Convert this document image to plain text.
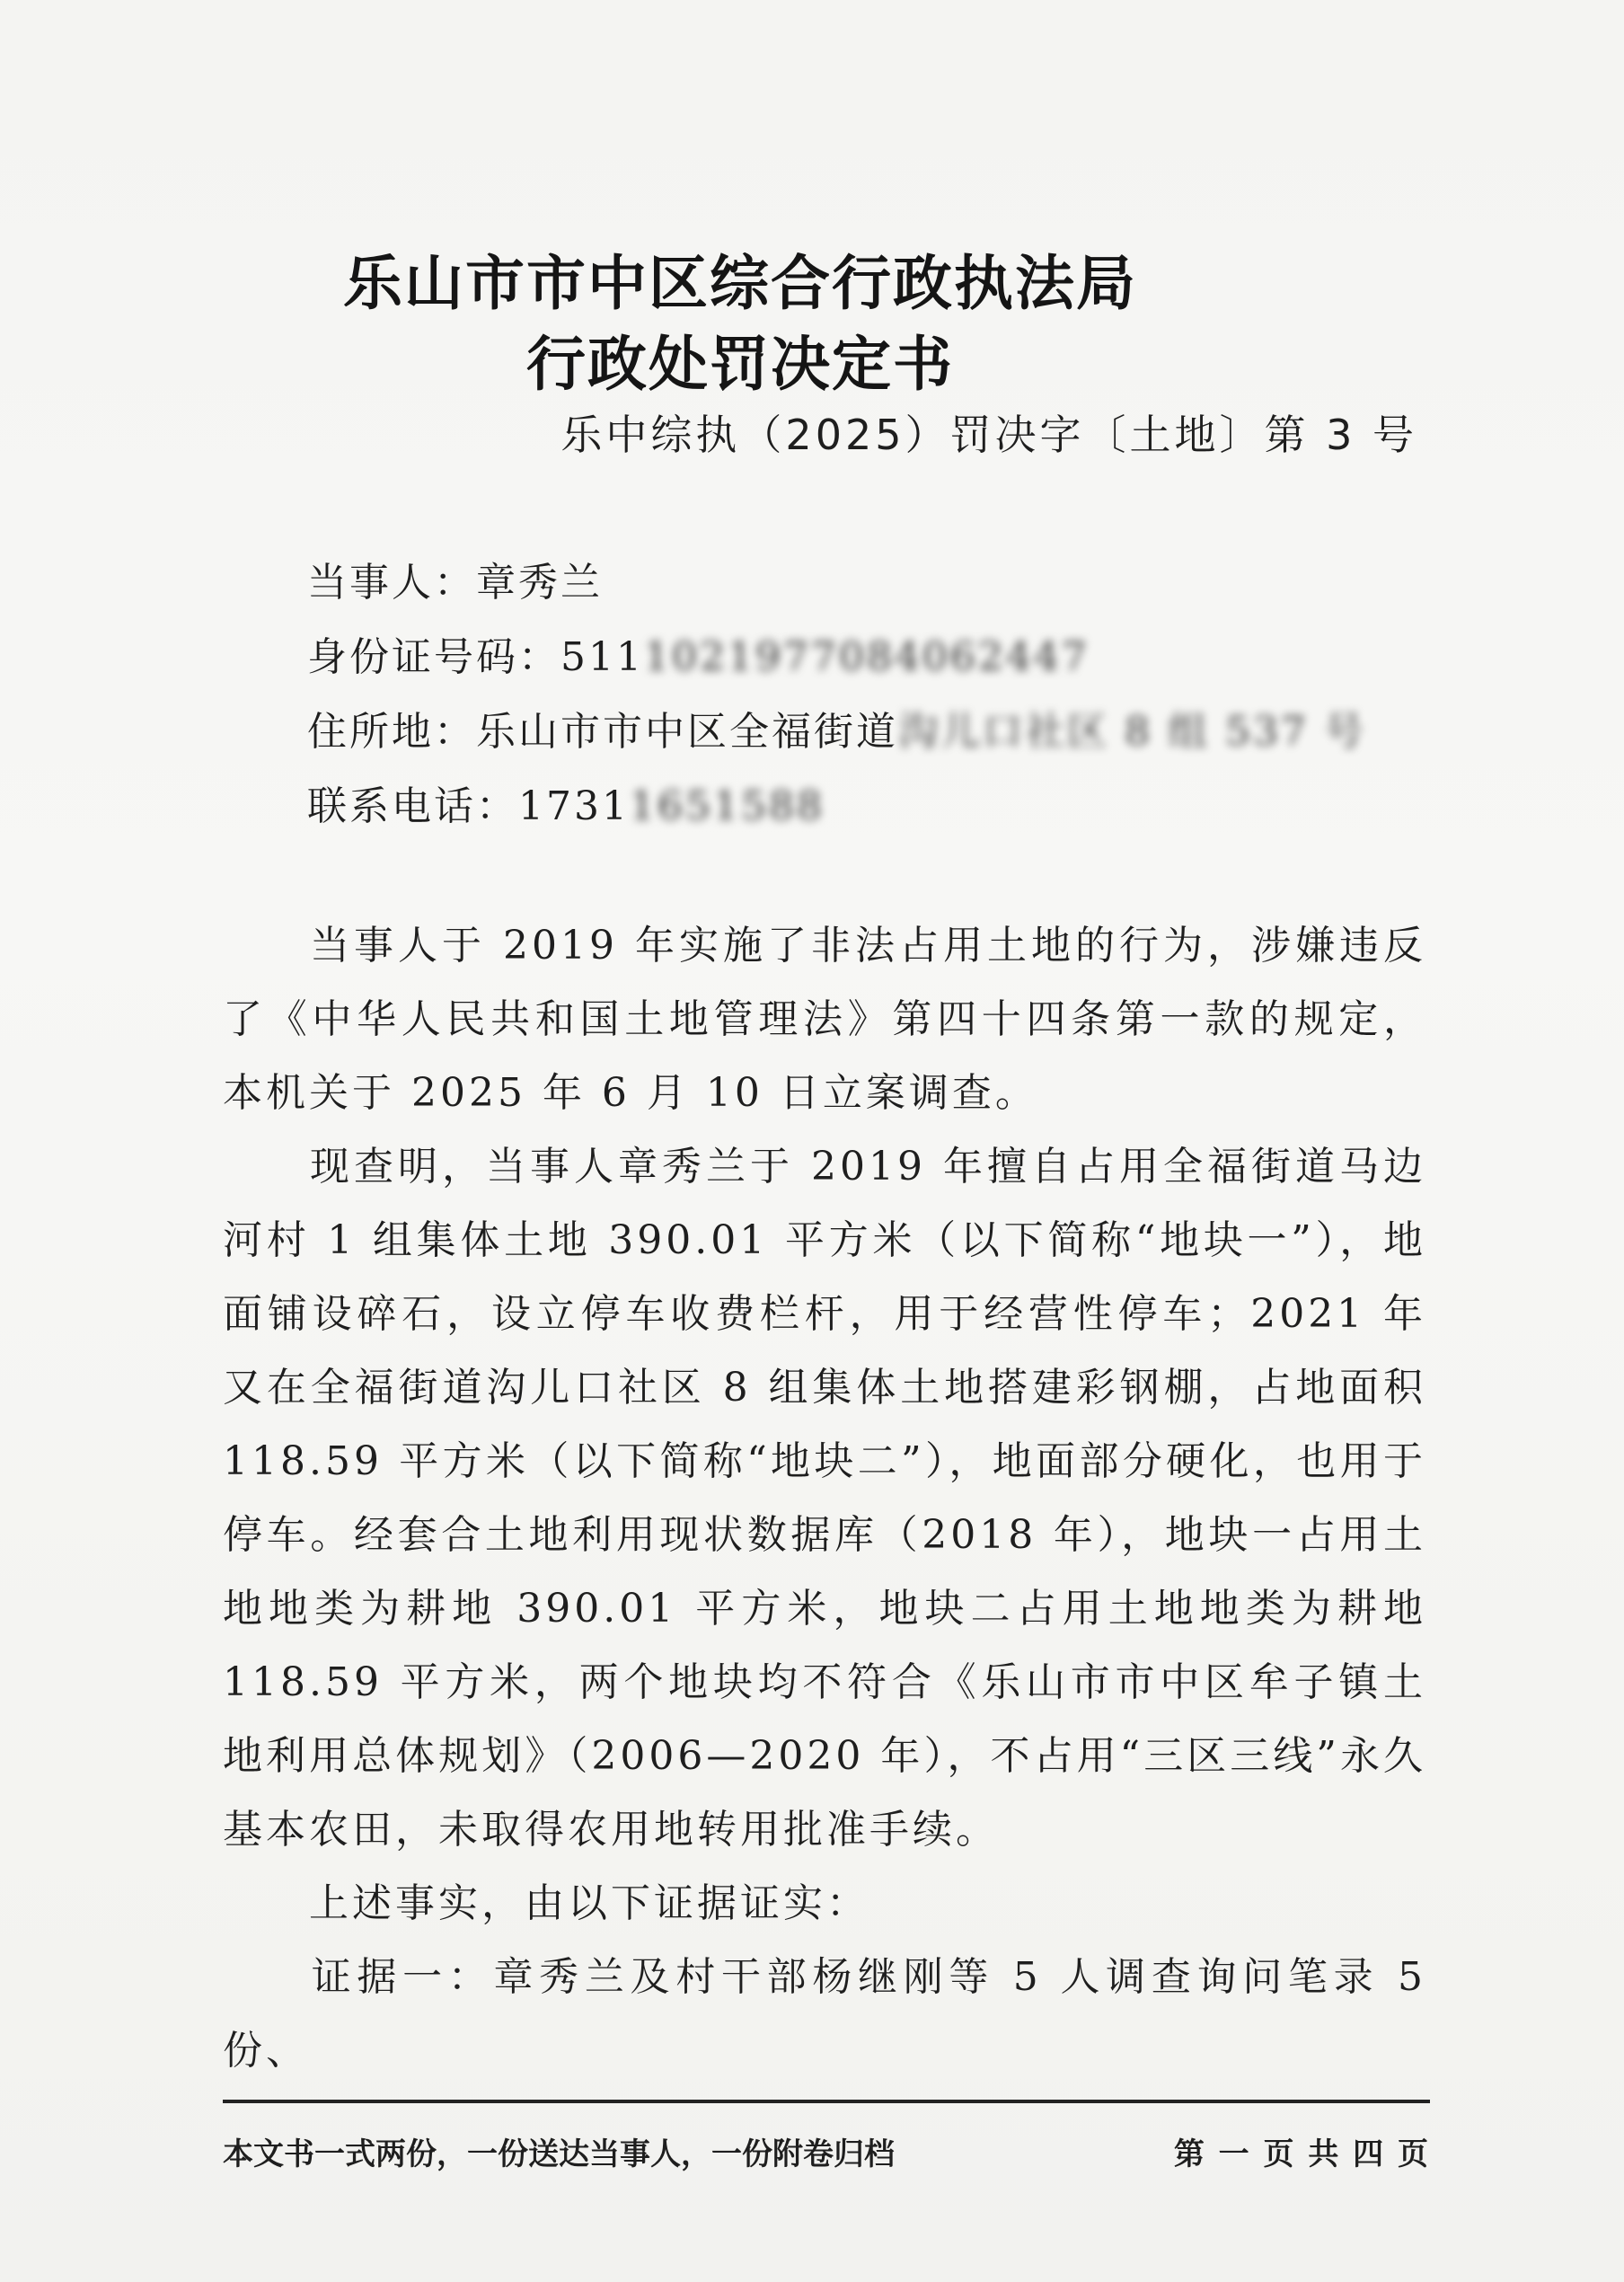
乐山市市中区综合行政执法局
行政处罚决定书
乐中综执（2025）罚决字〔土地〕第 3 号
当事人：章秀兰
身份证号码：5111021977084062447
住所地：乐山市市中区全福街道沟儿口社区 8 组 537 号
联系电话：17311651588

当事人于 2019 年实施了非法占用土地的行为，涉嫌违反了《中华人民共和国土地管理法》第四十四条第一款的规定，本机关于 2025 年 6 月 10 日立案调查。

现查明，当事人章秀兰于 2019 年擅自占用全福街道马边河村 1 组集体土地 390.01 平方米（以下简称“地块一”），地面铺设碎石，设立停车收费栏杆，用于经营性停车；2021 年又在全福街道沟儿口社区 8 组集体土地搭建彩钢棚，占地面积 118.59 平方米（以下简称“地块二”），地面部分硬化，也用于停车。经套合土地利用现状数据库（2018 年），地块一占用土地地类为耕地 390.01 平方米，地块二占用土地地类为耕地 118.59 平方米，两个地块均不符合《乐山市市中区牟子镇土地利用总体规划》（2006—2020 年），不占用“三区三线”永久基本农田，未取得农用地转用批准手续。

上述事实，由以下证据证实：

证据一：章秀兰及村干部杨继刚等 5 人调查询问笔录 5 份、

本文书一式两份，一份送达当事人，一份附卷归档	第 一 页 共 四 页
